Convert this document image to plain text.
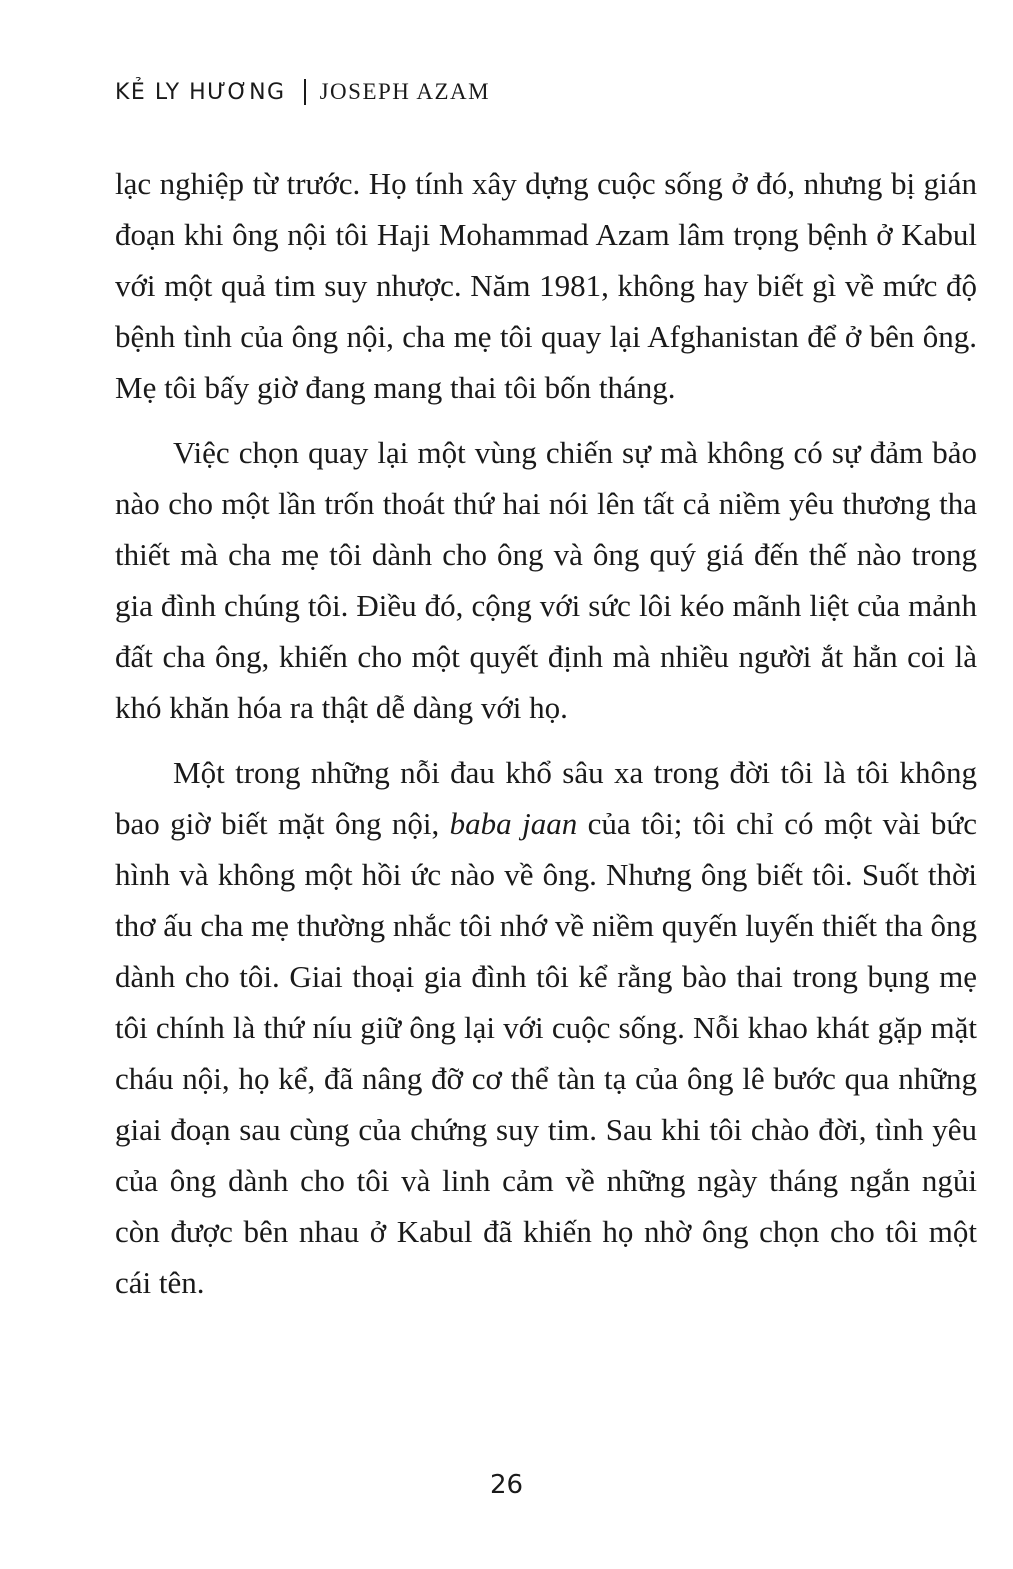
KẺ LY HƯƠNG JOSEPH AZAM

lạc nghiệp từ trước. Họ tính xây dựng cuộc sống ở đó, nhưng bị gián đoạn khi ông nội tôi Haji Mohammad Azam lâm trọng bệnh ở Kabul với một quả tim suy nhược. Năm 1981, không hay biết gì về mức độ bệnh tình của ông nội, cha mẹ tôi quay lại Afghanistan để ở bên ông. Mẹ tôi bấy giờ đang mang thai tôi bốn tháng.

Việc chọn quay lại một vùng chiến sự mà không có sự đảm bảo nào cho một lần trốn thoát thứ hai nói lên tất cả niềm yêu thương tha thiết mà cha mẹ tôi dành cho ông và ông quý giá đến thế nào trong gia đình chúng tôi. Điều đó, cộng với sức lôi kéo mãnh liệt của mảnh đất cha ông, khiến cho một quyết định mà nhiều người ắt hẳn coi là khó khăn hóa ra thật dễ dàng với họ.

Một trong những nỗi đau khổ sâu xa trong đời tôi là tôi không bao giờ biết mặt ông nội, baba jaan của tôi; tôi chỉ có một vài bức hình và không một hồi ức nào về ông. Nhưng ông biết tôi. Suốt thời thơ ấu cha mẹ thường nhắc tôi nhớ về niềm quyến luyến thiết tha ông dành cho tôi. Giai thoại gia đình tôi kể rằng bào thai trong bụng mẹ tôi chính là thứ níu giữ ông lại với cuộc sống. Nỗi khao khát gặp mặt cháu nội, họ kể, đã nâng đỡ cơ thể tàn tạ của ông lê bước qua những giai đoạn sau cùng của chứng suy tim. Sau khi tôi chào đời, tình yêu của ông dành cho tôi và linh cảm về những ngày tháng ngắn ngủi còn được bên nhau ở Kabul đã khiến họ nhờ ông chọn cho tôi một cái tên.

26
